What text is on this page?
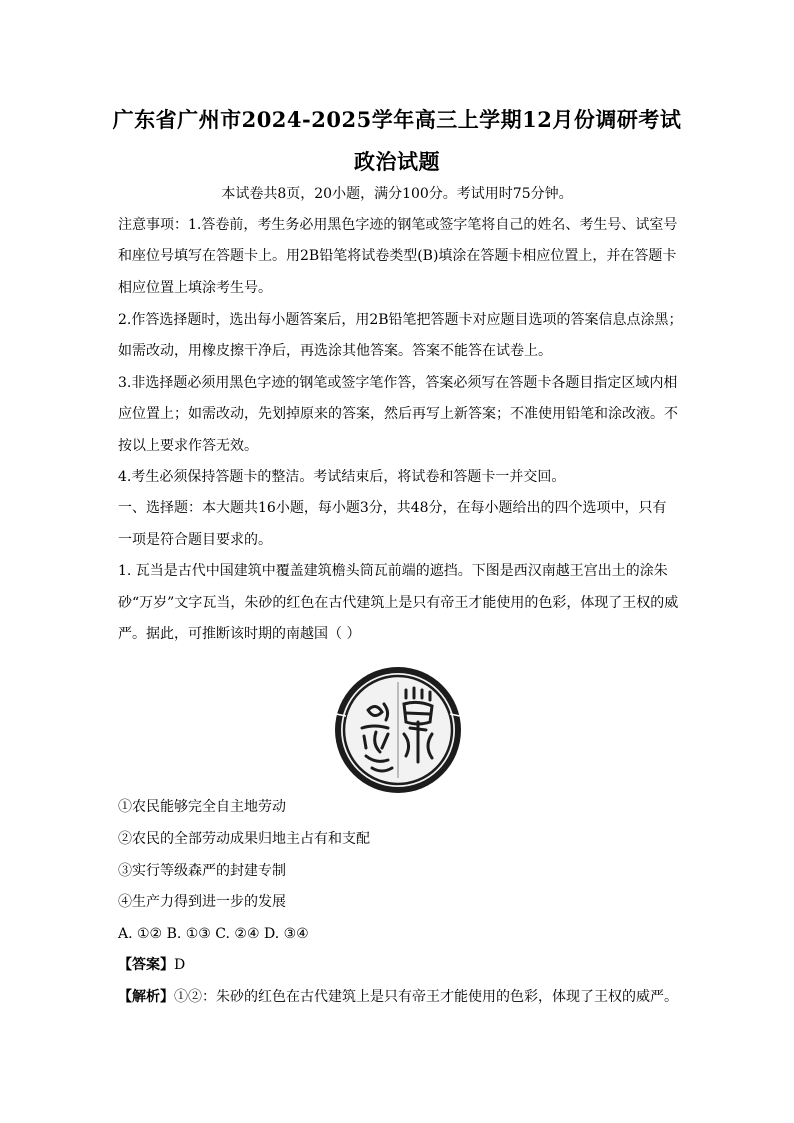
广东省广州市2024-2025学年高三上学期12月份调研考试
政治试题
本试卷共8页，20小题，满分100分。考试用时75分钟。
注意事项：1.答卷前，考生务必用黑色字迹的钢笔或签字笔将自己的姓名、考生号、试室号
和座位号填写在答题卡上。用2B铅笔将试卷类型(B)填涂在答题卡相应位置上，并在答题卡
相应位置上填涂考生号。
2.作答选择题时，选出每小题答案后，用2B铅笔把答题卡对应题目选项的答案信息点涂黑；
如需改动，用橡皮擦干净后，再选涂其他答案。答案不能答在试卷上。
3.非选择题必须用黑色字迹的钢笔或签字笔作答，答案必须写在答题卡各题目指定区域内相
应位置上；如需改动，先划掉原来的答案，然后再写上新答案；不准使用铅笔和涂改液。不
按以上要求作答无效。
4.考生必须保持答题卡的整洁。考试结束后，将试卷和答题卡一并交回。
一、选择题：本大题共16小题，每小题3分，共48分，在每小题给出的四个选项中，只有
一项是符合题目要求的。
1. 瓦当是古代中国建筑中覆盖建筑檐头筒瓦前端的遮挡。下图是西汉南越王宫出土的涂朱
砂“万岁”文字瓦当，朱砂的红色在古代建筑上是只有帝王才能使用的色彩，体现了王权的威
严。据此，可推断该时期的南越国（ ）
①农民能够完全自主地劳动
②农民的全部劳动成果归地主占有和支配
③实行等级森严的封建专制
④生产力得到进一步的发展
A. ①② B. ①③ C. ②④ D. ③④
【答案】D
【解析】①②：朱砂的红色在古代建筑上是只有帝王才能使用的色彩，体现了王权的威严。
